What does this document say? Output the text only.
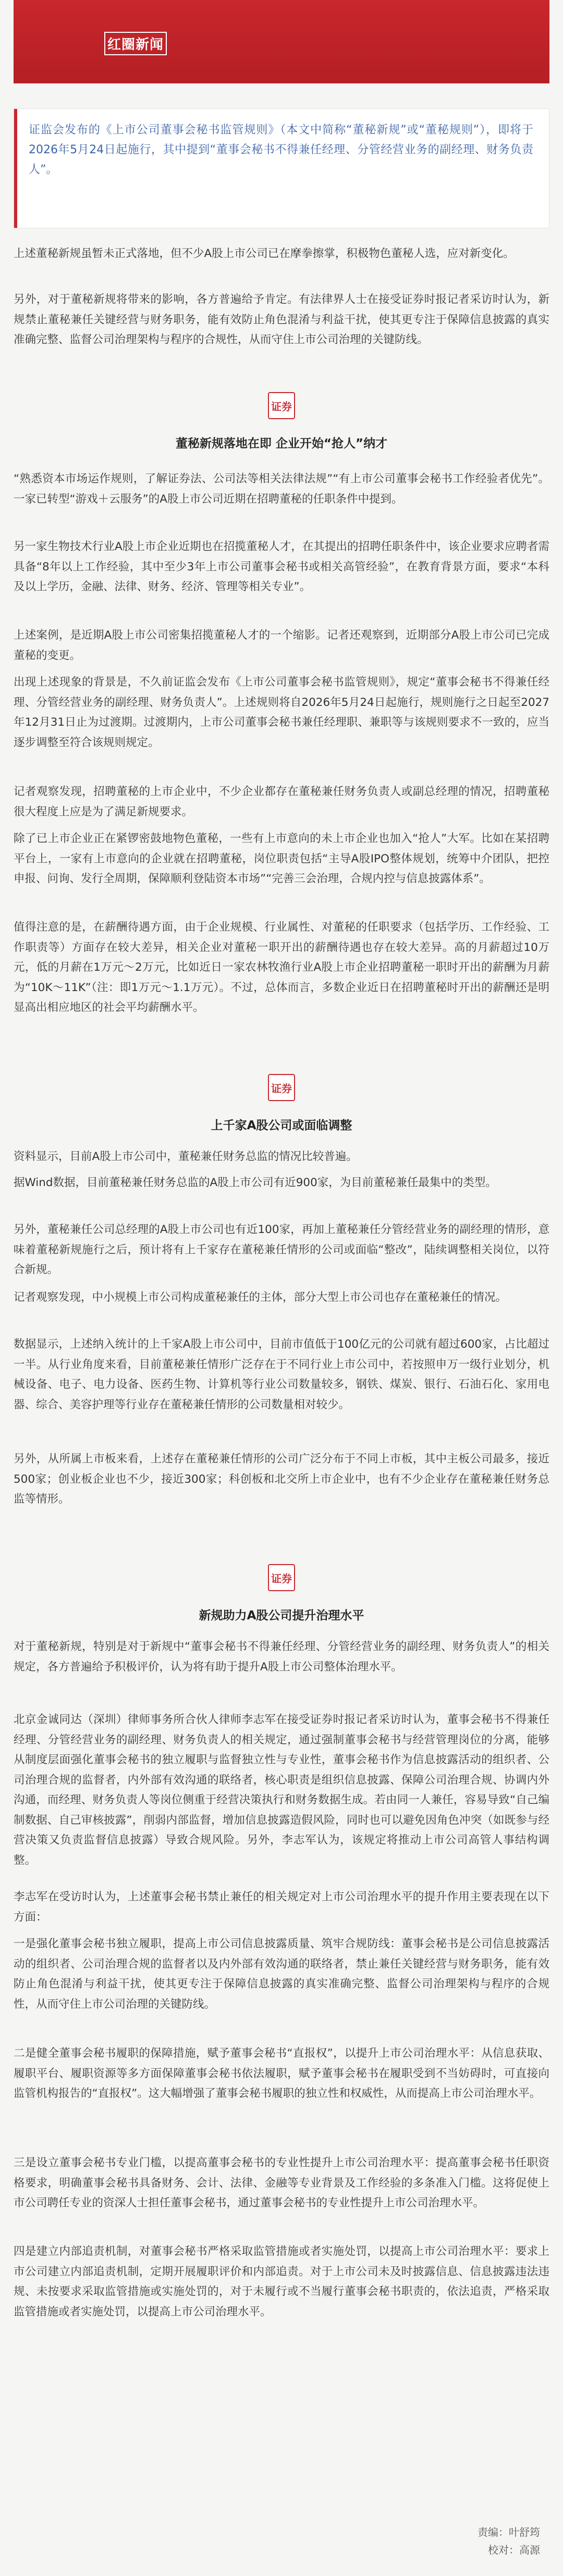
红圈新闻

证监会发布的《上市公司董事会秘书监管规则》（本文中简称“董秘新规”或“董秘规则”），即将于2026年5月24日起施行，其中提到“董事会秘书不得兼任经理、分管经营业务的副经理、财务负责人”。

上述董秘新规虽暂未正式落地，但不少A股上市公司已在摩拳擦掌，积极物色董秘人选，应对新变化。

另外，对于董秘新规将带来的影响，各方普遍给予肯定。有法律界人士在接受证券时报记者采访时认为，新规禁止董秘兼任关键经营与财务职务，能有效防止角色混淆与利益干扰，使其更专注于保障信息披露的真实准确完整、监督公司治理架构与程序的合规性，从而守住上市公司治理的关键防线。

证券
董秘新规落地在即 企业开始“抢人”纳才

“熟悉资本市场运作规则，了解证券法、公司法等相关法律法规”“有上市公司董事会秘书工作经验者优先”。一家已转型“游戏＋云服务”的A股上市公司近期在招聘董秘的任职条件中提到。

另一家生物技术行业A股上市企业近期也在招揽董秘人才，在其提出的招聘任职条件中，该企业要求应聘者需具备“8年以上工作经验，其中至少3年上市公司董事会秘书或相关高管经验”，在教育背景方面，要求“本科及以上学历，金融、法律、财务、经济、管理等相关专业”。

上述案例，是近期A股上市公司密集招揽董秘人才的一个缩影。记者还观察到，近期部分A股上市公司已完成董秘的变更。

出现上述现象的背景是，不久前证监会发布《上市公司董事会秘书监管规则》，规定“董事会秘书不得兼任经理、分管经营业务的副经理、财务负责人”。上述规则将自2026年5月24日起施行，规则施行之日起至2027年12月31日止为过渡期。过渡期内，上市公司董事会秘书兼任经理职、兼职等与该规则要求不一致的，应当逐步调整至符合该规则规定。

记者观察发现，招聘董秘的上市企业中，不少企业都存在董秘兼任财务负责人或副总经理的情况，招聘董秘很大程度上应是为了满足新规要求。

除了已上市企业正在紧锣密鼓地物色董秘，一些有上市意向的未上市企业也加入“抢人”大军。比如在某招聘平台上，一家有上市意向的企业就在招聘董秘，岗位职责包括“主导A股IPO整体规划，统筹中介团队，把控申报、问询、发行全周期，保障顺利登陆资本市场”“完善三会治理，合规内控与信息披露体系”。

值得注意的是，在薪酬待遇方面，由于企业规模、行业属性、对董秘的任职要求（包括学历、工作经验、工作职责等）方面存在较大差异，相关企业对董秘一职开出的薪酬待遇也存在较大差异。高的月薪超过10万元，低的月薪在1万元～2万元，比如近日一家农林牧渔行业A股上市企业招聘董秘一职时开出的薪酬为月薪为“10K～11K”（注：即1万元～1.1万元）。不过，总体而言，多数企业近日在招聘董秘时开出的薪酬还是明显高出相应地区的社会平均薪酬水平。

证券
上千家A股公司或面临调整

资料显示，目前A股上市公司中，董秘兼任财务总监的情况比较普遍。

据Wind数据，目前董秘兼任财务总监的A股上市公司有近900家，为目前董秘兼任最集中的类型。

另外，董秘兼任公司总经理的A股上市公司也有近100家，再加上董秘兼任分管经营业务的副经理的情形，意味着董秘新规施行之后，预计将有上千家存在董秘兼任情形的公司或面临“整改”，陆续调整相关岗位，以符合新规。

记者观察发现，中小规模上市公司构成董秘兼任的主体，部分大型上市公司也存在董秘兼任的情况。

数据显示，上述纳入统计的上千家A股上市公司中，目前市值低于100亿元的公司就有超过600家，占比超过一半。从行业角度来看，目前董秘兼任情形广泛存在于不同行业上市公司中，若按照申万一级行业划分，机械设备、电子、电力设备、医药生物、计算机等行业公司数量较多，钢铁、煤炭、银行、石油石化、家用电器、综合、美容护理等行业存在董秘兼任情形的公司数量相对较少。

另外，从所属上市板来看，上述存在董秘兼任情形的公司广泛分布于不同上市板，其中主板公司最多，接近500家；创业板企业也不少，接近300家；科创板和北交所上市企业中，也有不少企业存在董秘兼任财务总监等情形。

证券
新规助力A股公司提升治理水平

对于董秘新规，特别是对于新规中“董事会秘书不得兼任经理、分管经营业务的副经理、财务负责人”的相关规定，各方普遍给予积极评价，认为将有助于提升A股上市公司整体治理水平。

北京金诚同达（深圳）律师事务所合伙人律师李志军在接受证券时报记者采访时认为，董事会秘书不得兼任经理、分管经营业务的副经理、财务负责人的相关规定，通过强制董事会秘书与经营管理岗位的分离，能够从制度层面强化董事会秘书的独立履职与监督独立性与专业性，董事会秘书作为信息披露活动的组织者、公司治理合规的监督者，内外部有效沟通的联络者，核心职责是组织信息披露、保障公司治理合规、协调内外沟通，而经理、财务负责人等岗位侧重于经营决策执行和财务数据生成。若由同一人兼任，容易导致“自己编制数据、自己审核披露”，削弱内部监督，增加信息披露造假风险，同时也可以避免因角色冲突（如既参与经营决策又负责监督信息披露）导致合规风险。另外，李志军认为，该规定将推动上市公司高管人事结构调整。

李志军在受访时认为，上述董事会秘书禁止兼任的相关规定对上市公司治理水平的提升作用主要表现在以下方面：

一是强化董事会秘书独立履职，提高上市公司信息披露质量、筑牢合规防线：董事会秘书是公司信息披露活动的组织者、公司治理合规的监督者以及内外部有效沟通的联络者，禁止兼任关键经营与财务职务，能有效防止角色混淆与利益干扰，使其更专注于保障信息披露的真实准确完整、监督公司治理架构与程序的合规性，从而守住上市公司治理的关键防线。

二是健全董事会秘书履职的保障措施，赋予董事会秘书“直报权”，以提升上市公司治理水平：从信息获取、履职平台、履职资源等多方面保障董事会秘书依法履职，赋予董事会秘书在履职受到不当妨碍时，可直接向监管机构报告的“直报权”。这大幅增强了董事会秘书履职的独立性和权威性，从而提高上市公司治理水平。

三是设立董事会秘书专业门槛，以提高董事会秘书的专业性提升上市公司治理水平：提高董事会秘书任职资格要求，明确董事会秘书具备财务、会计、法律、金融等专业背景及工作经验的多条准入门槛。这将促使上市公司聘任专业的资深人士担任董事会秘书，通过董事会秘书的专业性提升上市公司治理水平。

四是建立内部追责机制，对董事会秘书严格采取监管措施或者实施处罚，以提高上市公司治理水平：要求上市公司建立内部追责机制，定期开展履职评价和内部追责。对于上市公司未及时披露信息、信息披露违法违规、未按要求采取监管措施或实施处罚的，对于未履行或不当履行董事会秘书职责的，依法追责，严格采取监管措施或者实施处罚，以提高上市公司治理水平。

责编：叶舒筠
校对：高源
